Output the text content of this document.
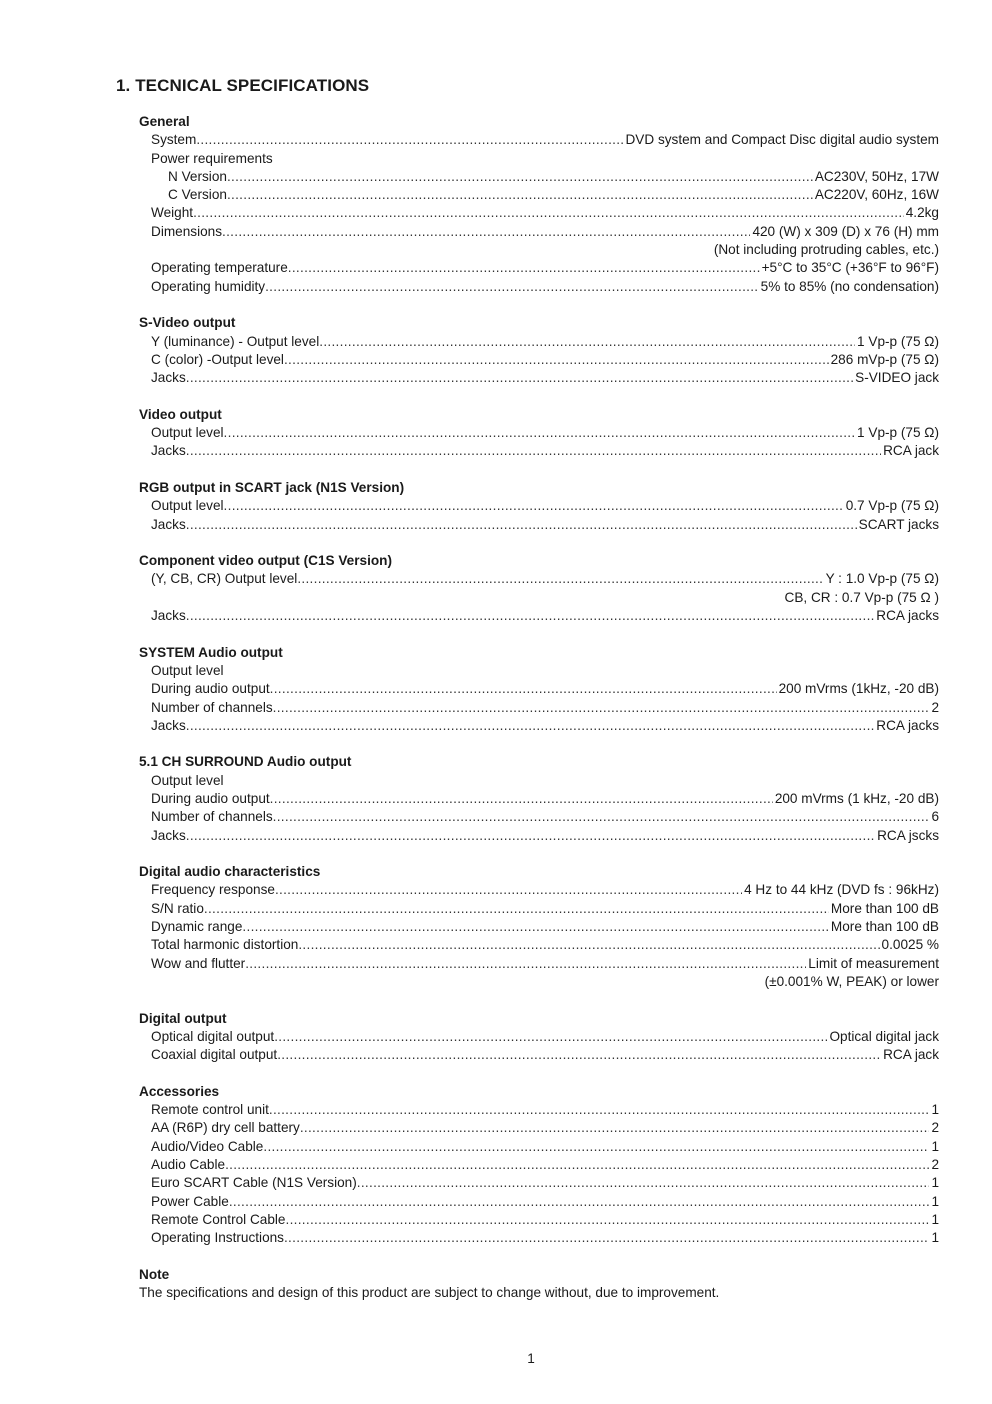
1. TECNICAL SPECIFICATIONS
General
System .....	DVD system and Compact Disc digital audio system
Power requirements
N Version .....	AC230V, 50Hz, 17W
C Version .....	AC220V, 60Hz, 16W
Weight .....	4.2kg
Dimensions .....	420 (W) x 309 (D) x 76 (H) mm
(Not including protruding cables, etc.)
Operating temperature .....	+5°C to 35°C (+36°F to 96°F)
Operating humidity .....	5% to 85% (no condensation)
S-Video output
Y (luminance) - Output level .....	1 Vp-p (75 Ω)
C (color) -Output level .....	286 mVp-p (75 Ω)
Jacks .....	S-VIDEO jack
Video output
Output level .....	1 Vp-p (75 Ω)
Jacks .....	RCA jack
RGB output in SCART jack (N1S Version)
Output level .....	0.7 Vp-p (75 Ω)
Jacks .....	SCART jacks
Component video output (C1S Version)
(Y, CB, CR) Output level .....	Y : 1.0 Vp-p (75 Ω)
CB, CR : 0.7 Vp-p (75 Ω )
Jacks .....	RCA jacks
SYSTEM Audio output
Output level
During audio output .....	200 mVrms (1kHz, -20 dB)
Number of channels .....	2
Jacks .....	RCA jacks
5.1 CH SURROUND Audio output
Output level
During audio output .....	200 mVrms (1 kHz, -20 dB)
Number of channels .....	6
Jacks .....	RCA jscks
Digital audio characteristics
Frequency response .....	4 Hz to 44 kHz (DVD fs : 96kHz)
S/N ratio .....	More than 100 dB
Dynamic range .....	More than 100 dB
Total harmonic distortion .....	0.0025 %
Wow and flutter .....	Limit of measurement
(±0.001% W, PEAK) or lower
Digital output
Optical digital output .....	Optical digital jack
Coaxial digital output .....	RCA jack
Accessories
Remote control unit .....	1
AA (R6P) dry cell battery .....	2
Audio/Video Cable .....	1
Audio Cable .....	2
Euro SCART Cable (N1S Version) .....	1
Power Cable .....	1
Remote Control Cable .....	1
Operating Instructions .....	1
Note
The specifications and design of this product are subject to change without, due to improvement.
1
